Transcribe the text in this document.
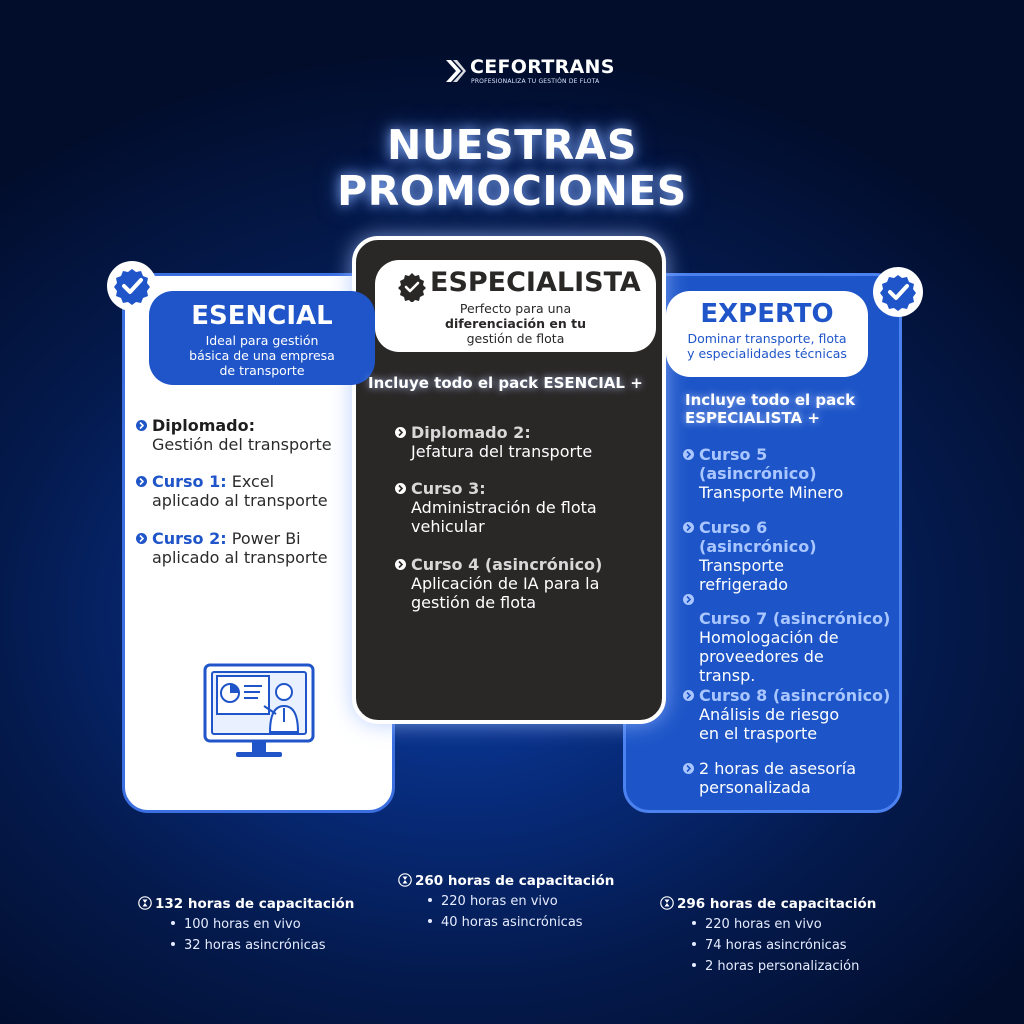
CEFORTRANS
PROFESIONALIZA TU GESTIÓN DE FLOTA
NUESTRAS
PROMOCIONES
ESENCIAL
Ideal para gestión
básica de una empresa
de transporte
Diplomado:
Gestión del transporte
Curso 1: Excel
aplicado al transporte
Curso 2: Power Bi
aplicado al transporte
ESPECIALISTA
Perfecto para una
diferenciación en tu
gestión de flota
Incluye todo el pack ESENCIAL +
Diplomado 2:
Jefatura del transporte
Curso 3:
Administración de flota
vehicular
Curso 4 (asincrónico)
Aplicación de IA para la
gestión de flota
EXPERTO
Dominar transporte, flota
y especialidades técnicas
Incluye todo el pack
ESPECIALISTA +
Curso 5
(asincrónico)
Transporte Minero
Curso 6
(asincrónico)
Transporte
refrigerado
Curso 7 (asincrónico)
Homologación de
proveedores de
transp.
Curso 8 (asincrónico)
Análisis de riesgo
en el trasporte
2 horas de asesoría
personalizada
132 horas de capacitación
100 horas en vivo
32 horas asincrónicas
260 horas de capacitación
220 horas en vivo
40 horas asincrónicas
296 horas de capacitación
220 horas en vivo
74 horas asincrónicas
2 horas personalización
